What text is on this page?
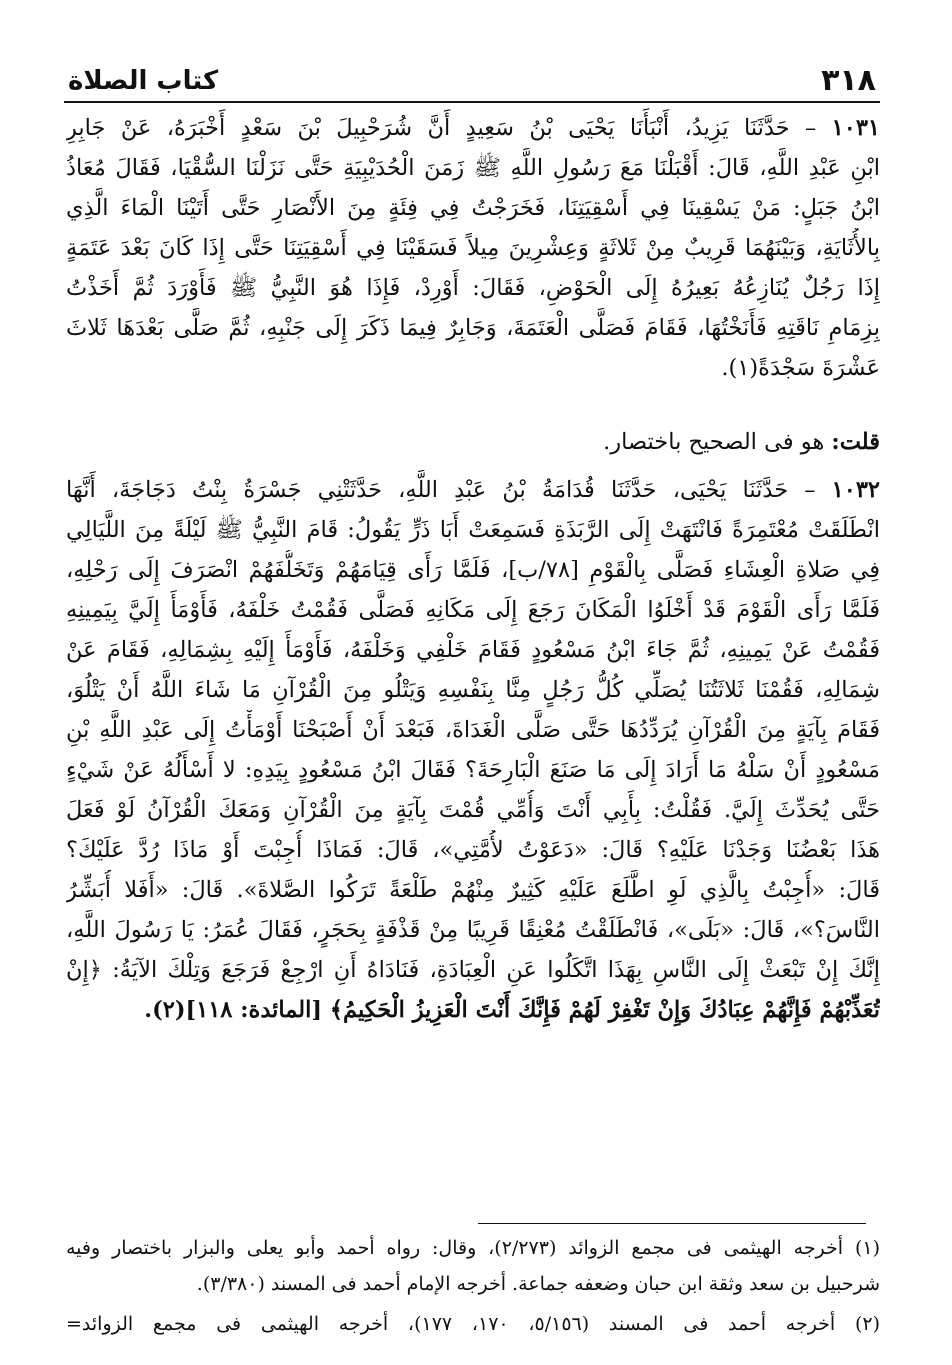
٣١٨
كتاب الصلاة
١٠٣١ – حَدَّثَنَا يَزِيدُ، أَنْبَأَنَا يَحْيَى بْنُ سَعِيدٍ أَنَّ شُرَحْبِيلَ بْنَ سَعْدٍ أَخْبَرَهُ، عَنْ جَابِرِ
ابْنِ عَبْدِ اللَّهِ، قَالَ: أَقْبَلْنَا مَعَ رَسُولِ اللَّهِ ﷺ زَمَنَ الْحُدَيْبِيَةِ حَتَّى نَزَلْنَا السُّقْيَا، فَقَالَ مُعَاذُ
ابْنُ جَبَلٍ: مَنْ يَسْقِينَا فِي أَسْقِيَتِنَا، فَخَرَجْتُ فِي فِئَةٍ مِنَ الأَنْصَارِ حَتَّى أَتَيْنَا الْمَاءَ الَّذِي
بِالأُثَايَةِ، وَبَيْنَهُمَا قَرِيبٌ مِنْ ثَلاثَةٍ وَعِشْرِينَ مِيلاً فَسَقَيْنَا فِي أَسْقِيَتِنَا حَتَّى إِذَا كَانَ بَعْدَ عَتَمَةٍ
إِذَا رَجُلٌ يُنَازِعُهُ بَعِيرُهُ إِلَى الْحَوْضِ، فَقَالَ: أَوْرِدْ، فَإِذَا هُوَ النَّبِيُّ ﷺ فَأَوْرَدَ ثُمَّ أَخَذْتُ
بِزِمَامِ نَاقَتِهِ فَأَنَخْتُهَا، فَقَامَ فَصَلَّى الْعَتَمَةَ، وَجَابِرٌ فِيمَا ذَكَرَ إِلَى جَنْبِهِ، ثُمَّ صَلَّى بَعْدَهَا ثَلاثَ
عَشْرَةَ سَجْدَةً(١).
قلت: هو فى الصحيح باختصار.
١٠٣٢ – حَدَّثَنَا يَحْيَى، حَدَّثَنَا قُدَامَةُ بْنُ عَبْدِ اللَّهِ، حَدَّثَتْنِي جَسْرَةُ بِنْتُ دَجَاجَةَ، أَنَّهَا
انْطَلَقَتْ مُعْتَمِرَةً فَانْتَهَتْ إِلَى الرَّبَذَةِ فَسَمِعَتْ أَبَا ذَرٍّ يَقُولُ: قَامَ النَّبِيُّ ﷺ لَيْلَةً مِنَ اللَّيَالِي
فِي صَلاةِ الْعِشَاءِ فَصَلَّى بِالْقَوْمِ [٧٨/ب]، فَلَمَّا رَأَى قِيَامَهُمْ وَتَخَلُّفَهُمْ انْصَرَفَ إِلَى رَحْلِهِ،
فَلَمَّا رَأَى الْقَوْمَ قَدْ أَخْلَوُا الْمَكَانَ رَجَعَ إِلَى مَكَانِهِ فَصَلَّى فَقُمْتُ خَلْفَهُ، فَأَوْمَأَ إِلَيَّ بِيَمِينِهِ
فَقُمْتُ عَنْ يَمِينِهِ، ثُمَّ جَاءَ ابْنُ مَسْعُودٍ فَقَامَ خَلْفِي وَخَلْفَهُ، فَأَوْمَأَ إِلَيْهِ بِشِمَالِهِ، فَقَامَ عَنْ
شِمَالِهِ، فَقُمْنَا ثَلاثَتُنَا يُصَلِّي كُلُّ رَجُلٍ مِنَّا بِنَفْسِهِ وَيَتْلُو مِنَ الْقُرْآنِ مَا شَاءَ اللَّهُ أَنْ يَتْلُوَ،
فَقَامَ بِآيَةٍ مِنَ الْقُرْآنِ يُرَدِّدُهَا حَتَّى صَلَّى الْغَدَاةَ، فَبَعْدَ أَنْ أَصْبَحْنَا أَوْمَأْتُ إِلَى عَبْدِ اللَّهِ بْنِ
مَسْعُودٍ أَنْ سَلْهُ مَا أَرَادَ إِلَى مَا صَنَعَ الْبَارِحَةَ؟ فَقَالَ ابْنُ مَسْعُودٍ بِيَدِهِ: لا أَسْأَلُهُ عَنْ شَيْءٍ
حَتَّى يُحَدِّثَ إِلَيَّ. فَقُلْتُ: بِأَبِي أَنْتَ وَأُمِّي قُمْتَ بِآيَةٍ مِنَ الْقُرْآنِ وَمَعَكَ الْقُرْآنُ لَوْ فَعَلَ
هَذَا بَعْضُنَا وَجَدْنَا عَلَيْهِ؟ قَالَ: «دَعَوْتُ لأُمَّتِي»، قَالَ: فَمَاذَا أُجِبْتَ أَوْ مَاذَا رُدَّ عَلَيْكَ؟
قَالَ: «أُجِبْتُ بِالَّذِي لَوِ اطَّلَعَ عَلَيْهِ كَثِيرٌ مِنْهُمْ طَلْعَةً تَرَكُوا الصَّلاةَ». قَالَ: «أَفَلا أُبَشِّرُ
النَّاسَ؟»، قَالَ: «بَلَى»، فَانْطَلَقْتُ مُعْنِقًا قَرِيبًا مِنْ قَذْفَةٍ بِحَجَرٍ، فَقَالَ عُمَرُ: يَا رَسُولَ اللَّهِ،
إِنَّكَ إِنْ تَبْعَثْ إِلَى النَّاسِ بِهَذَا اتَّكَلُوا عَنِ الْعِبَادَةِ، فَنَادَاهُ أَنِ ارْجِعْ فَرَجَعَ وَتِلْكَ الآيَةُ: ﴿إِنْ
تُعَذِّبْهُمْ فَإِنَّهُمْ عِبَادُكَ وَإِنْ تَغْفِرْ لَهُمْ فَإِنَّكَ أَنْتَ الْعَزِيزُ الْحَكِيمُ﴾ [المائدة: ١١٨](٢).
(١) أخرجه الهيثمى فى مجمع الزوائد (٢/٢٧٣)، وقال: رواه أحمد وأبو يعلى والبزار باختصار وفيه
شرحبيل بن سعد وثقة ابن حبان وضعفه جماعة. أخرجه الإمام أحمد فى المسند (٣/٣٨٠).
(٢) أخرجه أحمد فى المسند (٥/١٥٦، ١٧٠، ١٧٧)، أخرجه الهيثمى فى مجمع الزوائد=
